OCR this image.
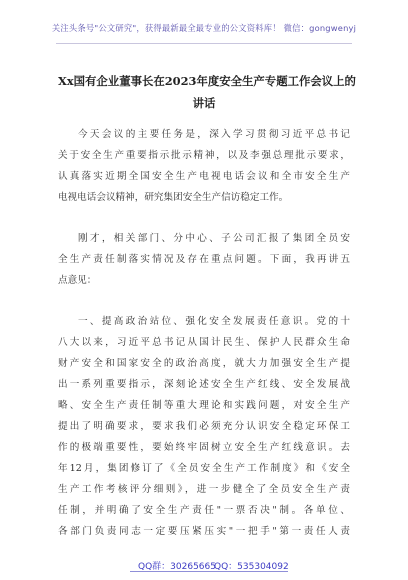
关注头条号"公文研究"，获得最新最全最专业的公文资料库！ 微信：gongwenyj
Xx国有企业董事长在2023年度安全生产专题工作会议上的
讲话
今天会议的主要任务是，深入学习贯彻习近平总书记
关于安全生产重要指示批示精神，以及李强总理批示要求，
认真落实近期全国安全生产电视电话会议和全市安全生产
电视电话会议精神，研究集团安全生产信访稳定工作。
刚才，相关部门、分中心、子公司汇报了集团全员安
全生产责任制落实情况及存在重点问题。下面，我再讲五
点意见：
一、提高政治站位、强化安全发展责任意识。党的十
八大以来，习近平总书记从国计民生、保护人民群众生命
财产安全和国家安全的政治高度，就大力加强安全生产提
出一系列重要指示，深刻论述安全生产红线、安全发展战
略、安全生产责任制等重大理论和实践问题，对安全生产
提出了明确要求，要求我们必须充分认识安全稳定环保工
作的极端重要性，要始终牢固树立安全生产红线意识。去
年12月，集团修订了《全员安全生产工作制度》和《安全
生产工作考核评分细则》，进一步健全了全员安全生产责
任制，并明确了安全生产责任"一票否决"制。各单位、
各部门负责同志一定要压紧压实"一把手"第一责任人责
QQ群：30265665
QQ：535304092
